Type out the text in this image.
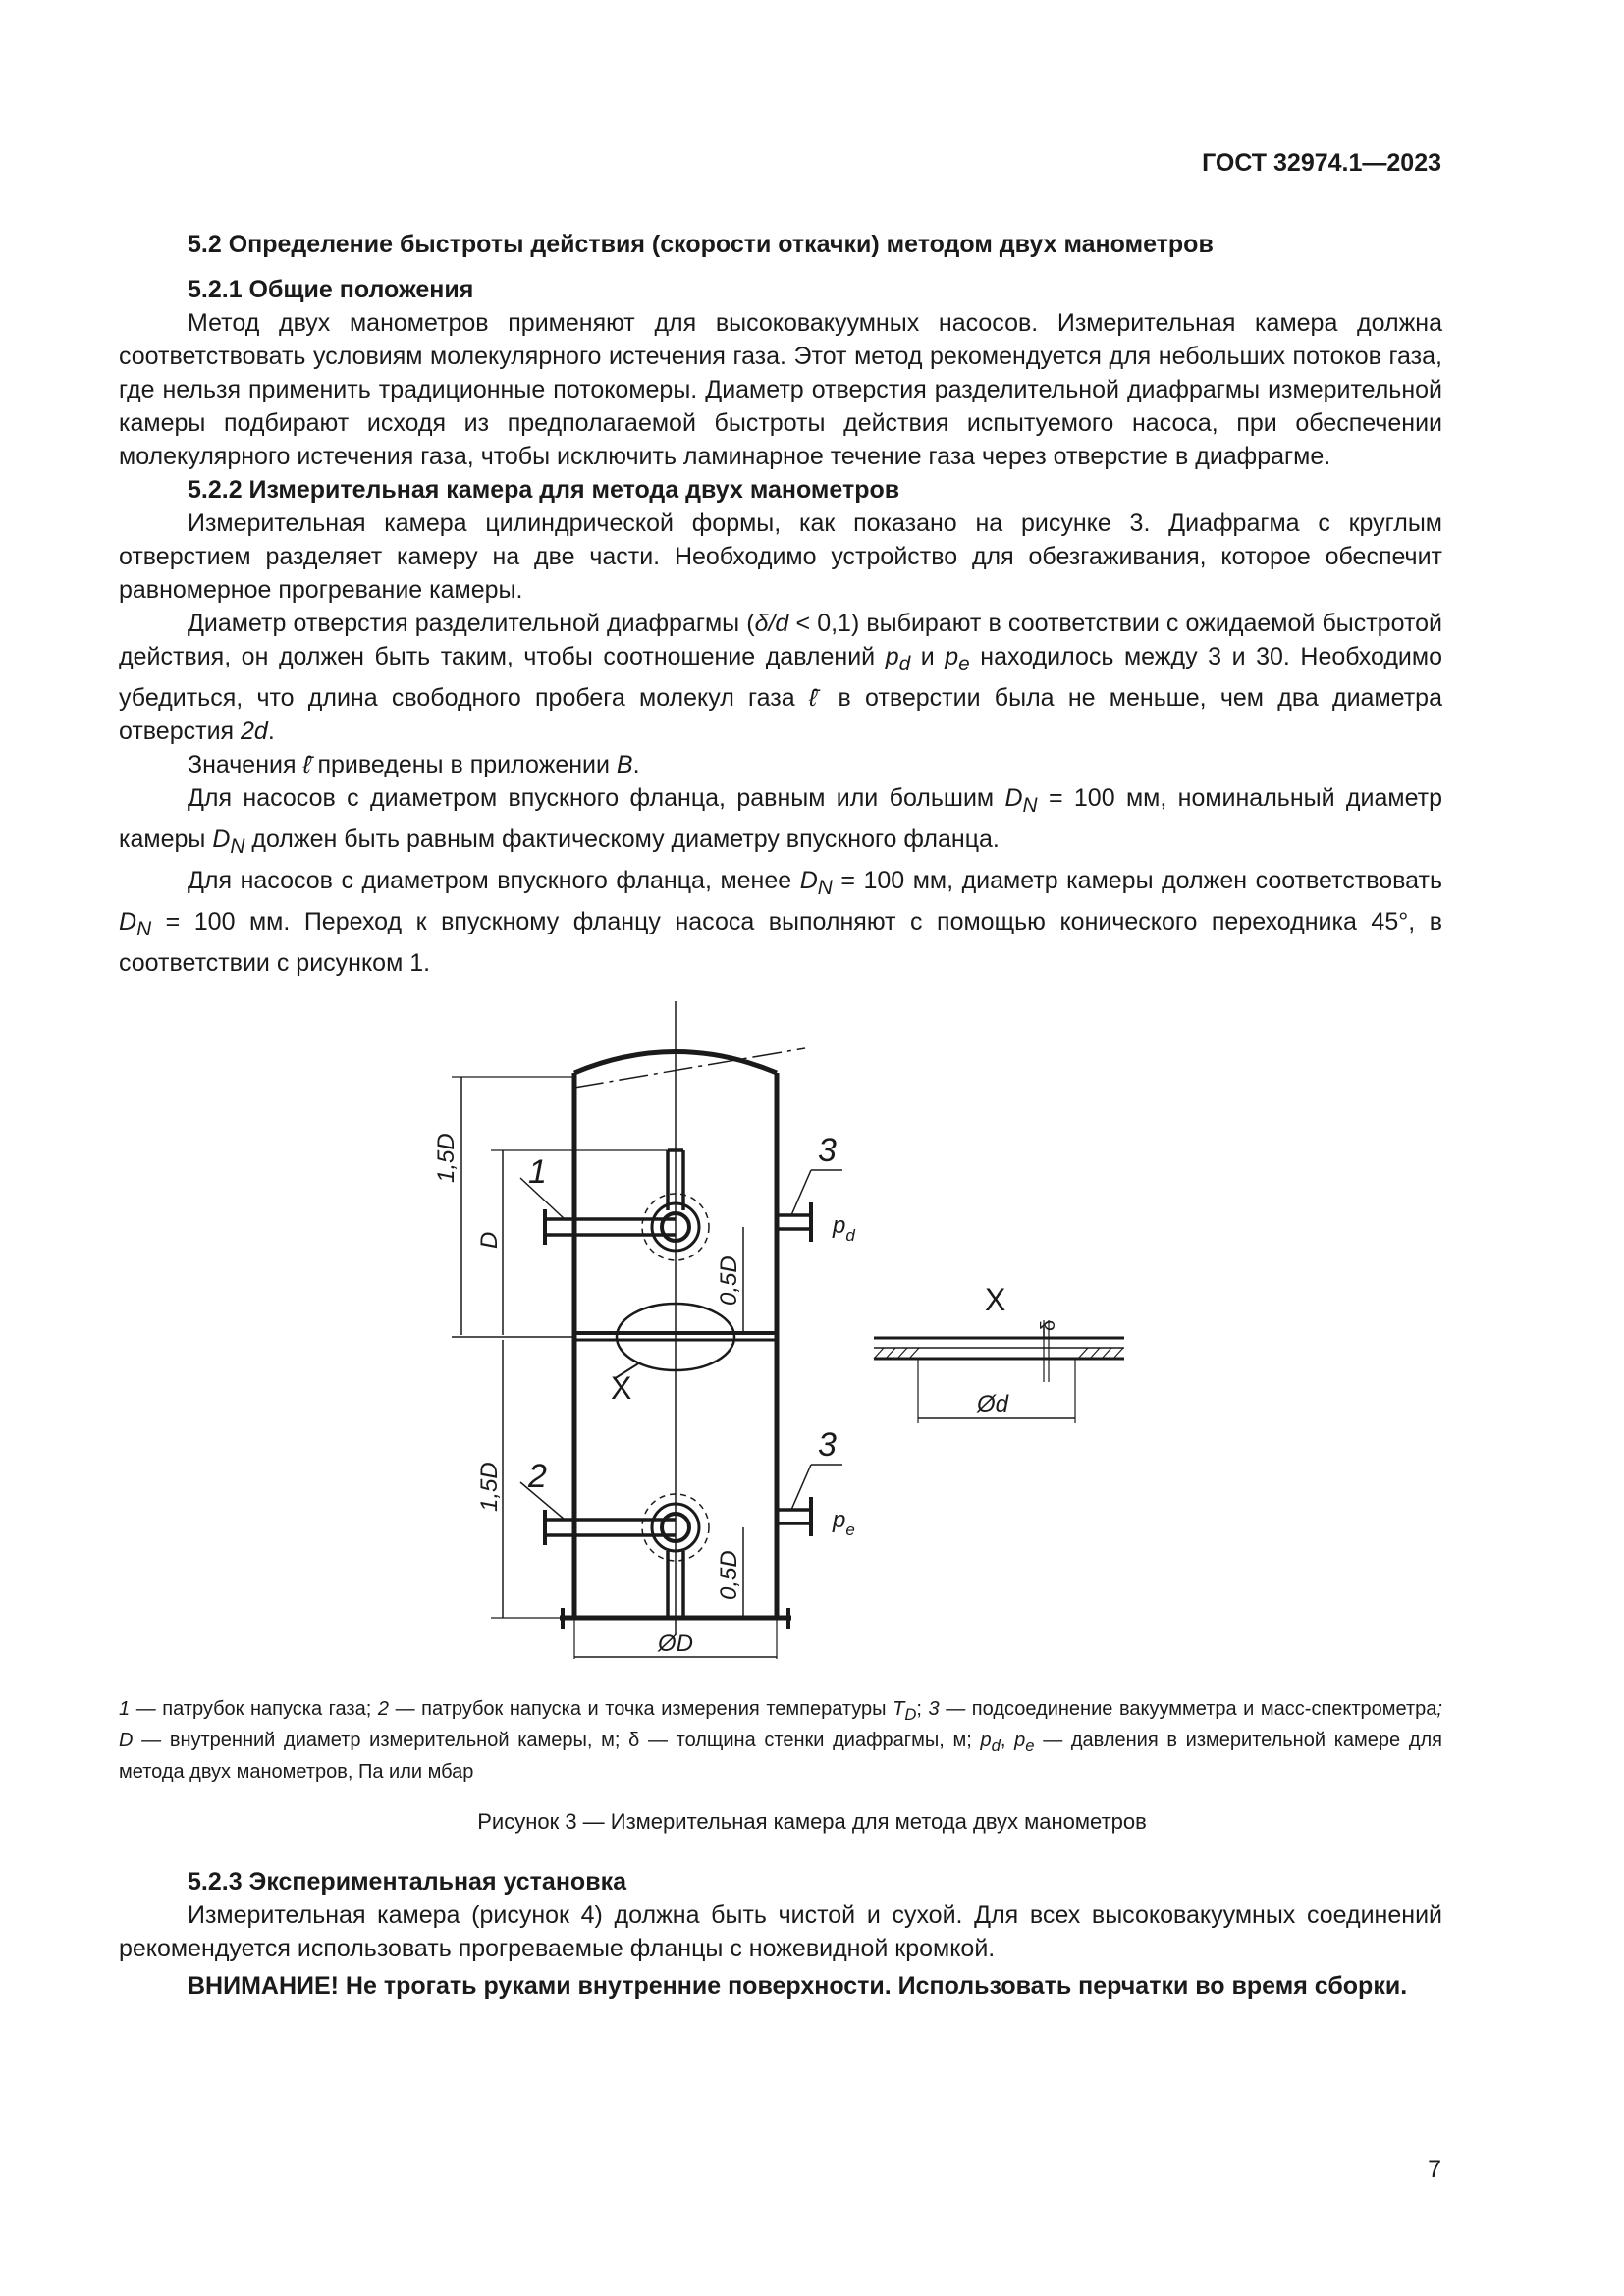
ГОСТ 32974.1—2023

5.2 Определение быстроты действия (скорости откачки) методом двух манометров

5.2.1 Общие положения

Метод двух манометров применяют для высоковакуумных насосов. Измерительная камера должна соответствовать условиям молекулярного истечения газа. Этот метод рекомендуется для небольших потоков газа, где нельзя применить традиционные потокомеры. Диаметр отверстия разделительной диафрагмы измерительной камеры подбирают исходя из предполагаемой быстроты действия испытуемого насоса, при обеспечении молекулярного истечения газа, чтобы исключить ламинарное течение газа через отверстие в диафрагме.

5.2.2 Измерительная камера для метода двух манометров

Измерительная камера цилиндрической формы, как показано на рисунке 3. Диафрагма с круглым отверстием разделяет камеру на две части. Необходимо устройство для обезгаживания, которое обеспечит равномерное прогревание камеры.

Диаметр отверстия разделительной диафрагмы (δ/d < 0,1) выбирают в соответствии с ожидаемой быстротой действия, он должен быть таким, чтобы соотношение давлений $p_d$ и $p_e$ находилось между 3 и 30. Необходимо убедиться, что длина свободного пробега молекул газа ℓ̄ в отверстии была не меньше, чем два диаметра отверстия 2d.

Значения ℓ̄ приведены в приложении В.

Для насосов с диаметром впускного фланца, равным или большим $D_N = 100$ мм, номинальный диаметр камеры $D_N$ должен быть равным фактическому диаметру впускного фланца.

Для насосов с диаметром впускного фланца, менее $D_N = 100$ мм, диаметр камеры должен соответствовать $D_N = 100$ мм. Переход к впускному фланцу насоса выполняют с помощью конического переходника 45°, в соответствии с рисунком 1.

1,5D
D
0,5D
1,5D
0,5D
ØD
1
2
3
3
$p_d$
$p_e$
X
X
δ
Ød
1 — патрубок напуска газа; 2 — патрубок напуска и точка измерения температуры $T_D$; 3 — подсоединение вакуумметра и масс-спектрометра; D — внутренний диаметр измерительной камеры, м; δ — толщина стенки диафрагмы, м; $p_d$, $p_e$ — давления в измерительной камере для метода двух манометров, Па или мбар
Рисунок 3 — Измерительная камера для метода двух манометров

5.2.3 Экспериментальная установка

Измерительная камера (рисунок 4) должна быть чистой и сухой. Для всех высоковакуумных соединений рекомендуется использовать прогреваемые фланцы с ножевидной кромкой.

ВНИМАНИЕ! Не трогать руками внутренние поверхности. Использовать перчатки во время сборки.

7
